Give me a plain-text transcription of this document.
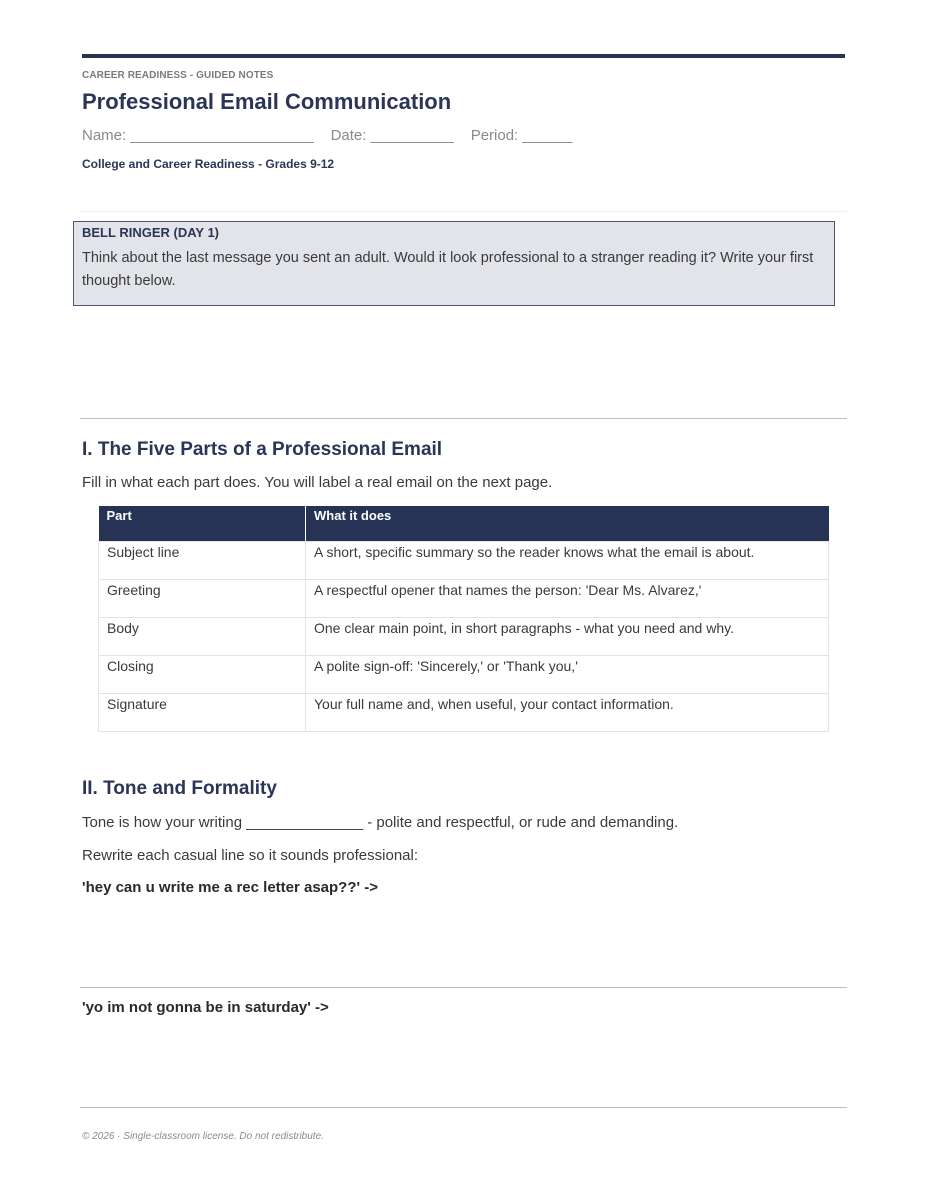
CAREER READINESS - GUIDED NOTES
Professional Email Communication
Name: ______________________ Date: __________ Period: ______
College and Career Readiness - Grades 9-12
BELL RINGER (DAY 1)
Think about the last message you sent an adult. Would it look professional to a stranger reading it? Write your first thought below.
I. The Five Parts of a Professional Email
Fill in what each part does. You will label a real email on the next page.
Part	What it does
Subject line	A short, specific summary so the reader knows what the email is about.
Greeting	A respectful opener that names the person: 'Dear Ms. Alvarez,'
Body	One clear main point, in short paragraphs - what you need and why.
Closing	A polite sign-off: 'Sincerely,' or 'Thank you,'
Signature	Your full name and, when useful, your contact information.
II. Tone and Formality
Tone is how your writing ______________ - polite and respectful, or rude and demanding.
Rewrite each casual line so it sounds professional:
'hey can u write me a rec letter asap??' ->
'yo im not gonna be in saturday' ->
© 2026 · Single-classroom license. Do not redistribute.
